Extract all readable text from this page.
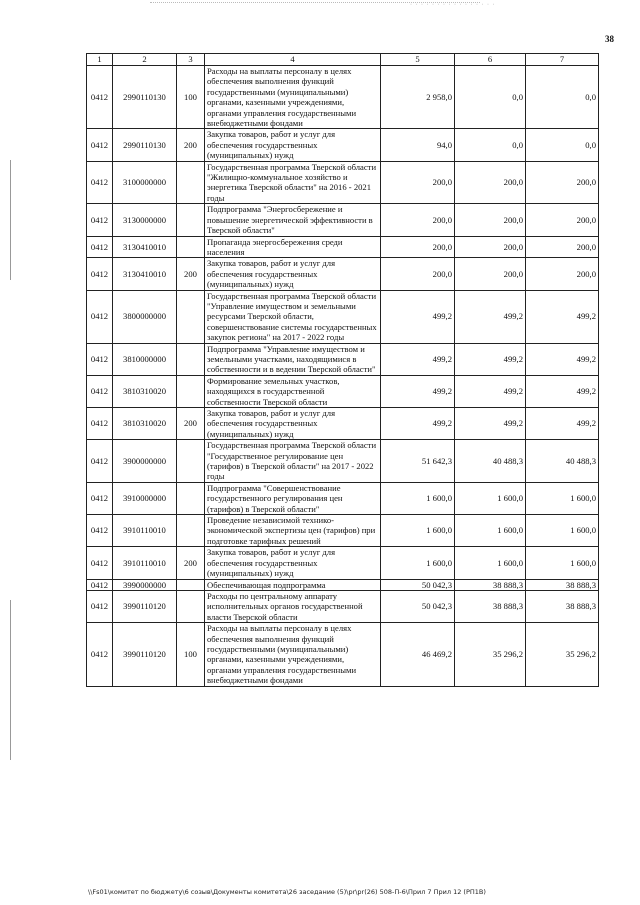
· · · · · · · · · · · · · · · ·
38
1	2	3	4	5	6	7
0412	2990110130	100	Расходы на выплаты персоналу в целях обеспечения выполнения функций государственными (муниципальными) органами, казенными учреждениями, органами управления государственными внебюджетными фондами	2 958,0	0,0	0,0
0412	2990110130	200	Закупка товаров, работ и услуг для обеспечения государственных (муниципальных) нужд	94,0	0,0	0,0
0412	3100000000		Государственная программа Тверской области "Жилищно-коммунальное хозяйство и энергетика Тверской области" на 2016 - 2021 годы	200,0	200,0	200,0
0412	3130000000		Подпрограмма "Энергосбережение и повышение энергетической эффективности в Тверской области"	200,0	200,0	200,0
0412	3130410010		Пропаганда энергосбережения среди населения	200,0	200,0	200,0
0412	3130410010	200	Закупка товаров, работ и услуг для обеспечения государственных (муниципальных) нужд	200,0	200,0	200,0
0412	3800000000		Государственная программа Тверской области "Управление имуществом и земельными ресурсами Тверской области, совершенствование системы государственных закупок региона" на 2017 - 2022 годы	499,2	499,2	499,2
0412	3810000000		Подпрограмма "Управление имуществом и земельными участками, находящимися в собственности и в ведении Тверской области"	499,2	499,2	499,2
0412	3810310020		Формирование земельных участков, находящихся в государственной собственности Тверской области	499,2	499,2	499,2
0412	3810310020	200	Закупка товаров, работ и услуг для обеспечения государственных (муниципальных) нужд	499,2	499,2	499,2
0412	3900000000		Государственная программа Тверской области "Государственное регулирование цен (тарифов) в Тверской области" на 2017 - 2022 годы	51 642,3	40 488,3	40 488,3
0412	3910000000		Подпрограмма "Совершенствование государственного регулирования цен (тарифов) в Тверской области"	1 600,0	1 600,0	1 600,0
0412	3910110010		Проведение независимой технико-экономической экспертизы цен (тарифов) при подготовке тарифных решений	1 600,0	1 600,0	1 600,0
0412	3910110010	200	Закупка товаров, работ и услуг для обеспечения государственных (муниципальных) нужд	1 600,0	1 600,0	1 600,0
0412	3990000000		Обеспечивающая подпрограмма	50 042,3	38 888,3	38 888,3
0412	3990110120		Расходы по центральному аппарату исполнительных органов государственной власти Тверской области	50 042,3	38 888,3	38 888,3
0412	3990110120	100	Расходы на выплаты персоналу в целях обеспечения выполнения функций государственными (муниципальными) органами, казенными учреждениями, органами управления государственными внебюджетными фондами	46 469,2	35 296,2	35 296,2
\\Fs01\комитет по бюджету\6 созыв\Документы комитета\26 заседание (5)\pr\pr(26) 508-П-6\Прил 7 Прил 12 (РП1В)
